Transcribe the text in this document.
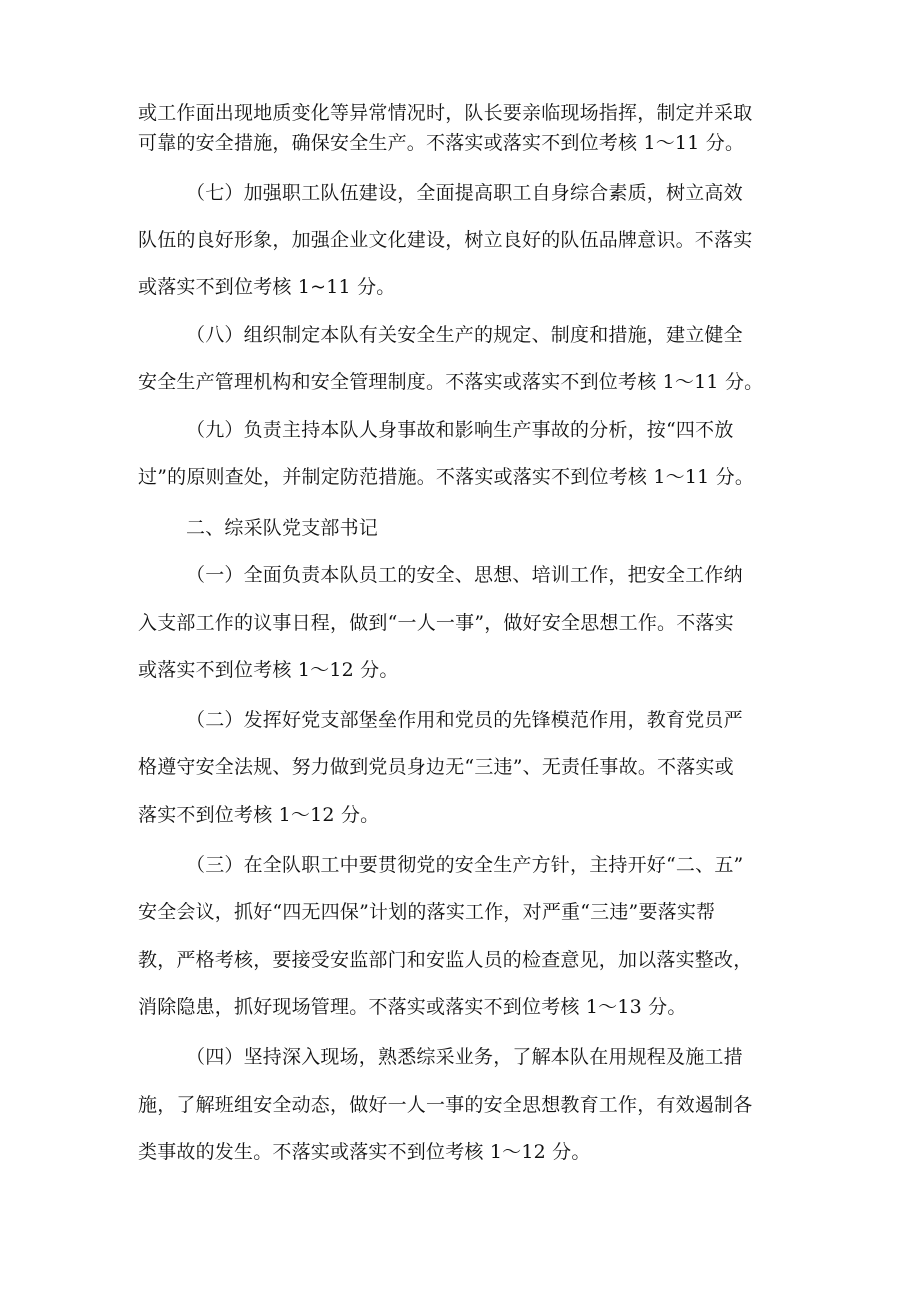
或工作面出现地质变化等异常情况时，队长要亲临现场指挥，制定并采取
可靠的安全措施，确保安全生产。不落实或落实不到位考核 1～11 分。
（七）加强职工队伍建设，全面提高职工自身综合素质，树立高效
队伍的良好形象，加强企业文化建设，树立良好的队伍品牌意识。不落实
或落实不到位考核 1~11 分。
（八）组织制定本队有关安全生产的规定、制度和措施，建立健全
安全生产管理机构和安全管理制度。不落实或落实不到位考核 1～11 分。
（九）负责主持本队人身事故和影响生产事故的分析，按“四不放
过”的原则查处，并制定防范措施。不落实或落实不到位考核 1～11 分。
二、综采队党支部书记
（一）全面负责本队员工的安全、思想、培训工作，把安全工作纳
入支部工作的议事日程，做到“一人一事”，做好安全思想工作。不落实
或落实不到位考核 1～12 分。
（二）发挥好党支部堡垒作用和党员的先锋模范作用，教育党员严
格遵守安全法规、努力做到党员身边无“三违”、无责任事故。不落实或
落实不到位考核 1～12 分。
（三）在全队职工中要贯彻党的安全生产方针，主持开好“二、五”
安全会议，抓好“四无四保”计划的落实工作，对严重“三违”要落实帮
教，严格考核，要接受安监部门和安监人员的检查意见，加以落实整改，
消除隐患，抓好现场管理。不落实或落实不到位考核 1～13 分。
（四）坚持深入现场，熟悉综采业务，了解本队在用规程及施工措
施，了解班组安全动态，做好一人一事的安全思想教育工作，有效遏制各
类事故的发生。不落实或落实不到位考核 1～12 分。
